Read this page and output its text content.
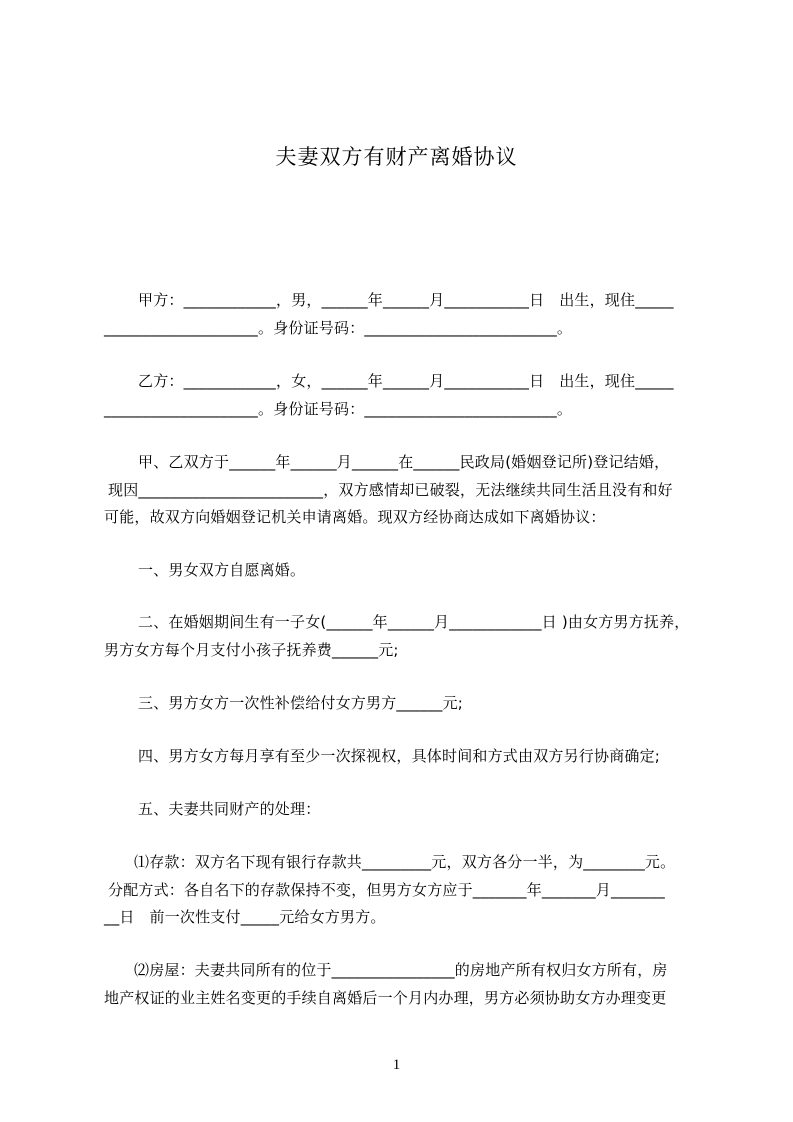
夫妻双方有财产离婚协议
甲方：____________，男，______年______月___________日   出生，现住_____
____________________。身份证号码：_________________________。
乙方：____________，女，______年______月___________日   出生，现住_____
____________________。身份证号码：_________________________。
甲、乙双方于______年______月______在______民政局(婚姻登记所)登记结婚，
现因________________________，双方感情却已破裂，无法继续共同生活且没有和好
可能，故双方向婚姻登记机关申请离婚。现双方经协商达成如下离婚协议：
一、男女双方自愿离婚。
二、在婚姻期间生有一子女(______年______月____________日 )由女方男方抚养，
男方女方每个月支付小孩子抚养费______元;
三、男方女方一次性补偿给付女方男方______元;
四、男方女方每月享有至少一次探视权，具体时间和方式由双方另行协商确定;
五、夫妻共同财产的处理：
⑴存款：双方名下现有银行存款共_________元，双方各分一半，为________元。
分配方式：各自名下的存款保持不变，但男方女方应于_______年_______月_______
__日   前一次性支付_____元给女方男方。
⑵房屋：夫妻共同所有的位于________________的房地产所有权归女方所有，房
地产权证的业主姓名变更的手续自离婚后一个月内办理，男方必须协助女方办理变更
1
